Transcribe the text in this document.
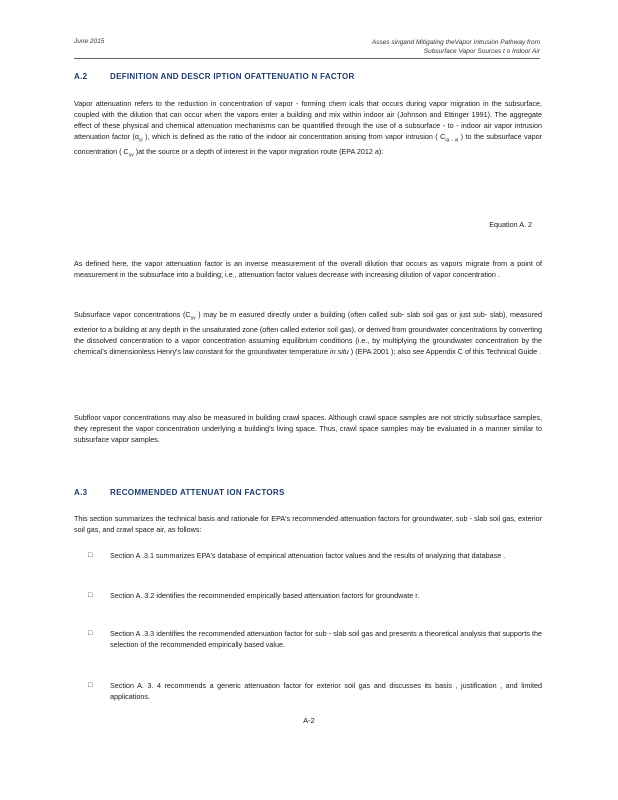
June 2015	Asses singand Mitigating theVapor Intrusion Pathway from
Subsurface Vapor Sources t o Indoor Air
A.2	DEFINITION AND DESCR IPTION OFATTENUATIO N FACTOR
Vapor attenuation refers to the reduction in concentration of vapor - forming chem icals that occurs during vapor migration in the subsurface, coupled with the dilution that can occur when the vapors enter a building and mix within indoor air (Johnson and Ettinger 1991). The aggregate effect of these physical and chemical attenuation mechanisms can be quantified through the use of a subsurface - to - indoor air vapor intrusion attenuation factor ($\alpha_{vi}$ ), which is defined as the ratio of the indoor air concentration arising from vapor intrusion ( $C_{ia - vi}$ ) to the subsurface vapor concentration ( $C_{sv}$ )at the source or a depth of interest in the vapor migration route (EPA 2012 a):
Equation A. 2
As defined here, the vapor attenuation factor is an inverse measurement of the overall dilution that occurs as vapors migrate from a point of measurement in the subsurface into a building; i.e., attenuation factor values decrease with increasing dilution of vapor concentration .
Subsurface vapor concentrations ($C_{sv}$ ) may be m easured directly under a building (often called sub- slab soil gas or just sub- slab), measured exterior to a building at any depth in the unsaturated zone (often called exterior soil gas), or derived from groundwater concentrations by converting the dissolved concentration to a vapor concentration assuming equilibrium conditions (i.e., by multiplying the groundwater concentration by the chemical's dimensionless Henry's law constant for the groundwater temperature in situ ) (EPA 2001 ); also see Appendix C of this Technical Guide .
Subfloor vapor concentrations may also be measured in building crawl spaces. Although crawl space samples are not strictly subsurface samples, they represent the vapor concentration underlying a building's living space. Thus, crawl space samples may be evaluated in a manner similar to subsurface vapor samples.
A.3	RECOMMENDED ATTENUAT ION FACTORS
This section summarizes the technical basis and rationale for EPA's recommended attenuation factors for groundwater, sub - slab soil gas, exterior soil gas, and crawl space air, as follows:
□ Section A .3.1 summarizes EPA's database of empirical attenuation factor values and the results of analyzing that database .
□ Section A. 3.2 identifies the recommended empirically based attenuation factors for groundwate r.
□ Section A .3.3 identifies the recommended attenuation factor for sub - slab soil gas and presents a theoretical analysis that supports the selection of the recommended empirically based value.
□ Section A. 3. 4 recommends a generic attenuation factor for exterior soil gas and discusses its basis , justification , and limited applications.
A-2
